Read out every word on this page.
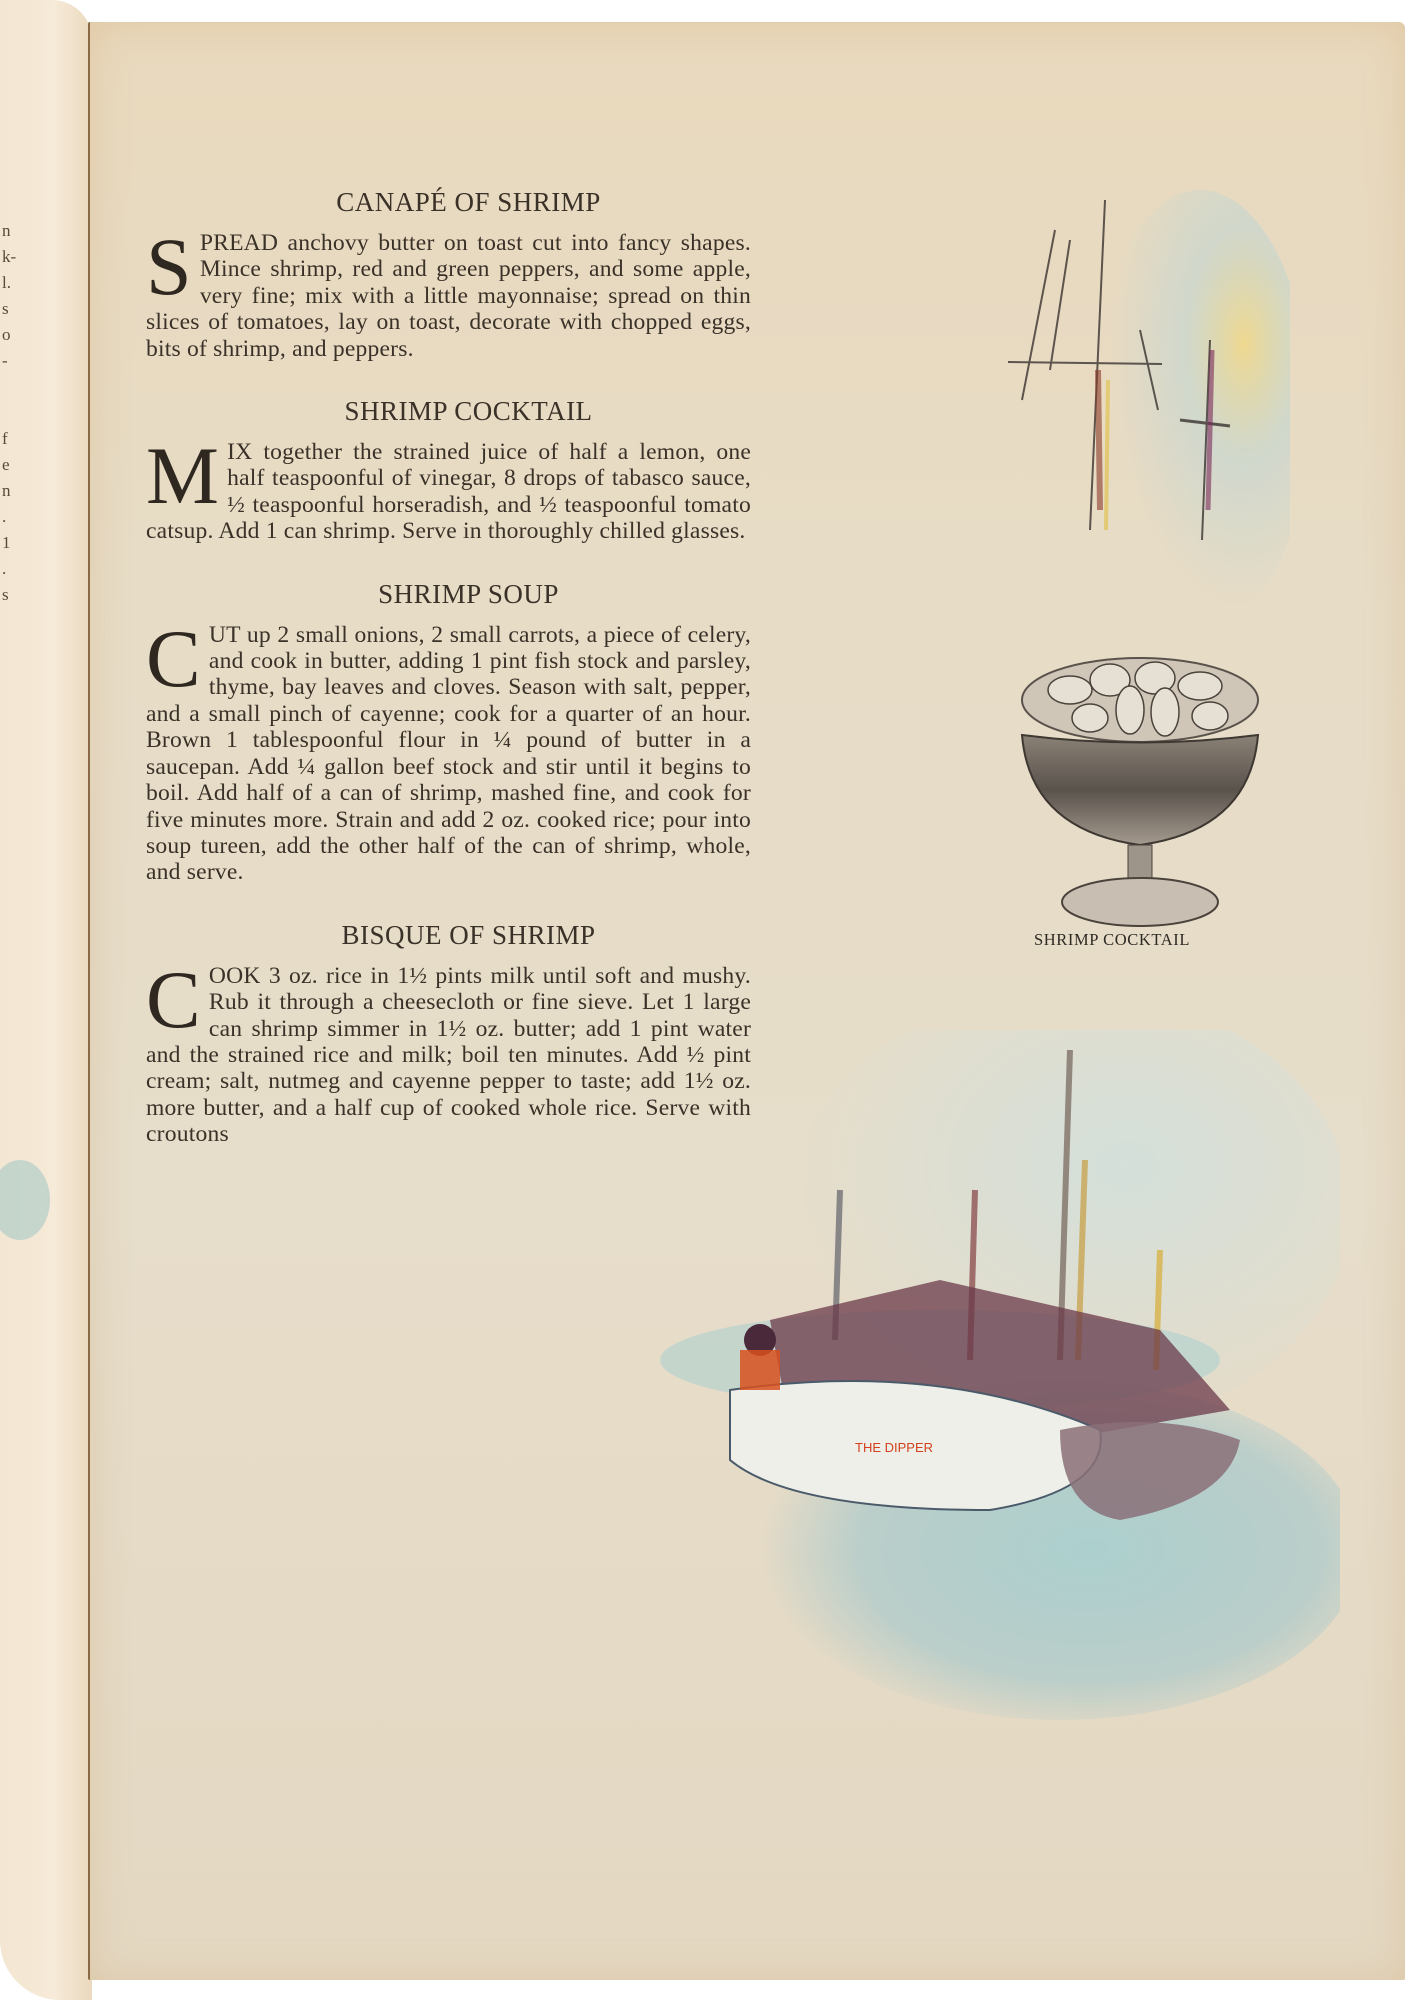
n
k-
l.
s
o
-
f
e
n
.
1
.
s
CANAPÉ OF SHRIMP

SPREAD anchovy butter on toast cut into fancy shapes. Mince shrimp, red and green peppers, and some apple, very fine; mix with a little mayonnaise; spread on thin slices of tomatoes, lay on toast, decorate with chopped eggs, bits of shrimp, and peppers.

SHRIMP COCKTAIL

MIX together the strained juice of half a lemon, one half teaspoonful of vinegar, 8 drops of tabasco sauce, ½ teaspoonful horseradish, and ½ teaspoonful tomato catsup. Add 1 can shrimp. Serve in thoroughly chilled glasses.

SHRIMP SOUP

CUT up 2 small onions, 2 small carrots, a piece of celery, and cook in butter, adding 1 pint fish stock and parsley, thyme, bay leaves and cloves. Season with salt, pepper, and a small pinch of cayenne; cook for a quarter of an hour. Brown 1 tablespoonful flour in ¼ pound of butter in a saucepan. Add ¼ gallon beef stock and stir until it begins to boil. Add half of a can of shrimp, mashed fine, and cook for five minutes more. Strain and add 2 oz. cooked rice; pour into soup tureen, add the other half of the can of shrimp, whole, and serve.

BISQUE OF SHRIMP

COOK 3 oz. rice in 1½ pints milk until soft and mushy. Rub it through a cheesecloth or fine sieve. Let 1 large can shrimp simmer in 1½ oz. butter; add 1 pint water and the strained rice and milk; boil ten minutes. Add ½ pint cream; salt, nutmeg and cayenne pepper to taste; add 1½ oz. more butter, and a half cup of cooked whole rice. Serve with croutons

SHRIMP COCKTAIL
THE DIPPER
